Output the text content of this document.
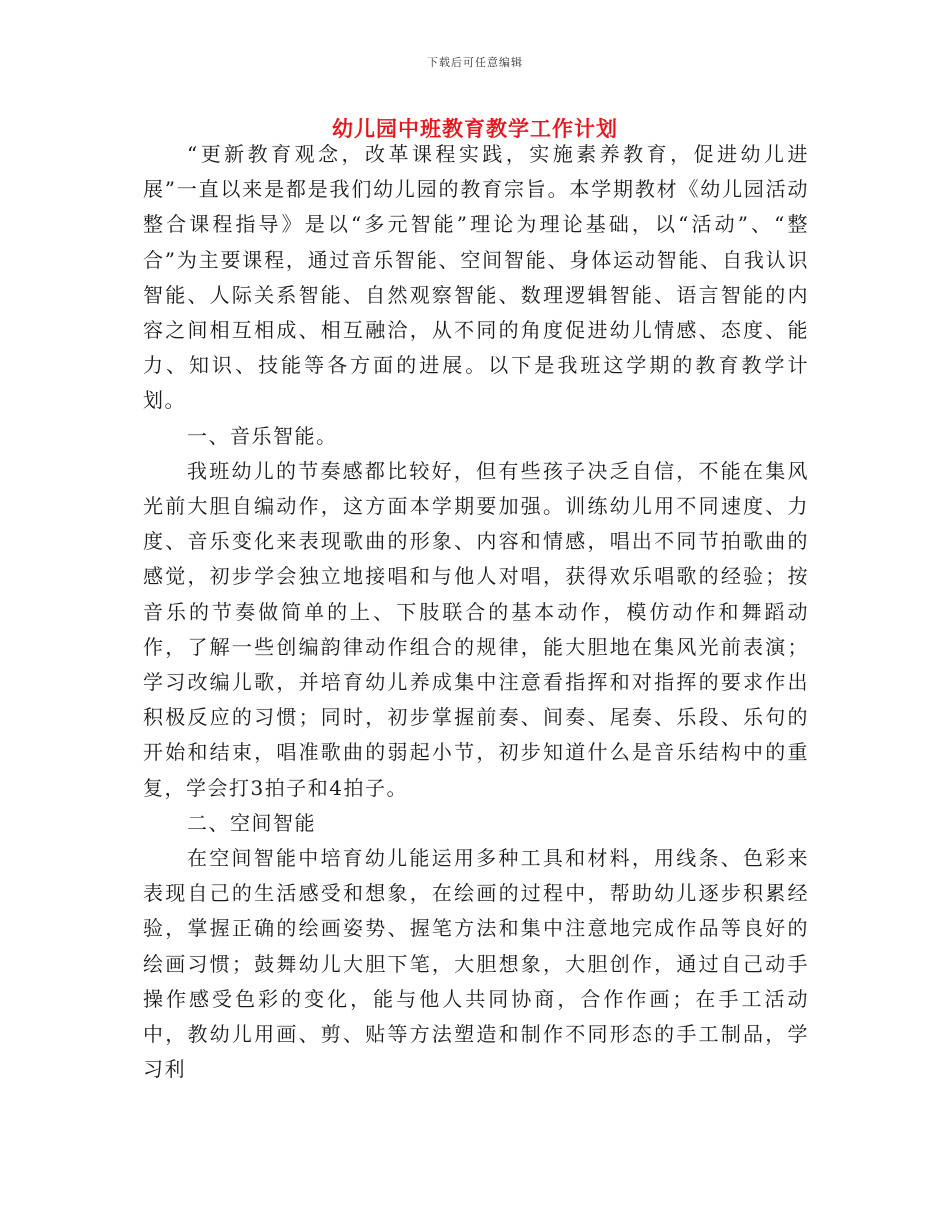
下载后可任意编辑
幼儿园中班教育教学工作计划

“更新教育观念，改革课程实践，实施素养教育，促进幼儿进展”一直以来是都是我们幼儿园的教育宗旨。本学期教材《幼儿园活动整合课程指导》是以“多元智能”理论为理论基础，以“活动”、“整合”为主要课程，通过音乐智能、空间智能、身体运动智能、自我认识智能、人际关系智能、自然观察智能、数理逻辑智能、语言智能的内容之间相互相成、相互融洽，从不同的角度促进幼儿情感、态度、能力、知识、技能等各方面的进展。以下是我班这学期的教育教学计划。

一、音乐智能。

我班幼儿的节奏感都比较好，但有些孩子决乏自信，不能在集风光前大胆自编动作，这方面本学期要加强。训练幼儿用不同速度、力度、音乐变化来表现歌曲的形象、内容和情感，唱出不同节拍歌曲的感觉，初步学会独立地接唱和与他人对唱，获得欢乐唱歌的经验；按音乐的节奏做简单的上、下肢联合的基本动作，模仿动作和舞蹈动作，了解一些创编韵律动作组合的规律，能大胆地在集风光前表演；学习改编儿歌，并培育幼儿养成集中注意看指挥和对指挥的要求作出积极反应的习惯；同时，初步掌握前奏、间奏、尾奏、乐段、乐句的开始和结束，唱准歌曲的弱起小节，初步知道什么是音乐结构中的重复，学会打3拍子和4拍子。

二、空间智能

在空间智能中培育幼儿能运用多种工具和材料，用线条、色彩来表现自己的生活感受和想象，在绘画的过程中，帮助幼儿逐步积累经验，掌握正确的绘画姿势、握笔方法和集中注意地完成作品等良好的绘画习惯；鼓舞幼儿大胆下笔，大胆想象，大胆创作，通过自己动手操作感受色彩的变化，能与他人共同协商，合作作画；在手工活动中，教幼儿用画、剪、贴等方法塑造和制作不同形态的手工制品，学习利
